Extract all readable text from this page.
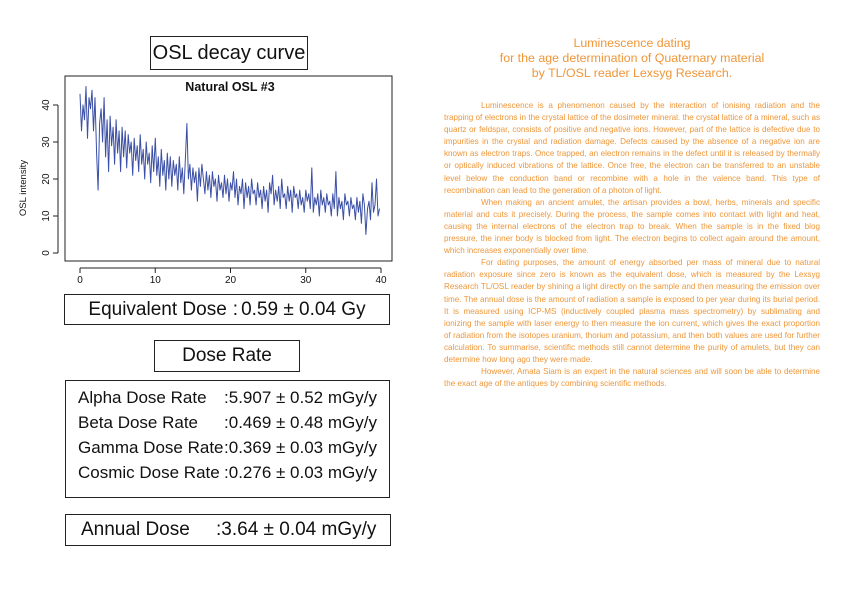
OSL decay curve
Natural OSL #3
OSL intensity
0	10	20	30	40
0
10
20
30
40
Equivalent Dose : 0.59 ± 0.04 Gy
Dose Rate
Alpha Dose Rate :5.907 ± 0.52 mGy/y
Beta Dose Rate :0.469 ± 0.48 mGy/y
Gamma Dose Rate:0.369 ± 0.03 mGy/y
Cosmic Dose Rate :0.276 ± 0.03 mGy/y
Annual Dose :3.64 ± 0.04 mGy/y
Luminescence dating
for the age determination of Quaternary material
by TL/OSL reader Lexsyg Research.

Luminescence is a phenomenon caused by the interaction of ionising radiation and the trapping of electrons in the crystal lattice of the dosimeter mineral. the crystal lattice of a mineral, such as quartz or feldspar, consists of positive and negative ions. However, part of the lattice is defective due to impurities in the crystal and radiation damage. Defects caused by the absence of a negative ion are known as electron traps. Once trapped, an electron remains in the defect until it is released by thermally or optically induced vibrations of the lattice. Once free, the electron can be transferred to an unstable level below the conduction band or recombine with a hole in the valence band. This type of recombination can lead to the generation of a photon of light.

When making an ancient amulet, the artisan provides a bowl, herbs, minerals and specific material and cuts it precisely. During the process, the sample comes into contact with light and heat, causing the internal electrons of the electron trap to break. When the sample is in the fixed blog pressure, the inner body is blocked from light. The electron begins to collect again around the amount, which increases exponentially over time.

For dating purposes, the amount of energy absorbed per mass of mineral due to natural radiation exposure since zero is known as the equivalent dose, which is measured by the Lexsyg Research TL/OSL reader by shining a light directly on the sample and then measuring the emission over time. The annual dose is the amount of radiation a sample is exposed to per year during its burial period. It is measured using ICP-MS (inductively coupled plasma mass spectrometry) by sublimating and ionizing the sample with laser energy to then measure the ion current, which gives the exact proportion of radiation from the isotopes uranium, thorium and potassium, and then both values are used for further calculation. To summarise, scientific methods still cannot determine the purity of amulets, but they can determine how long ago they were made.

However, Amata Siam is an expert in the natural sciences and will soon be able to determine the exact age of the antiques by combining scientific methods.
